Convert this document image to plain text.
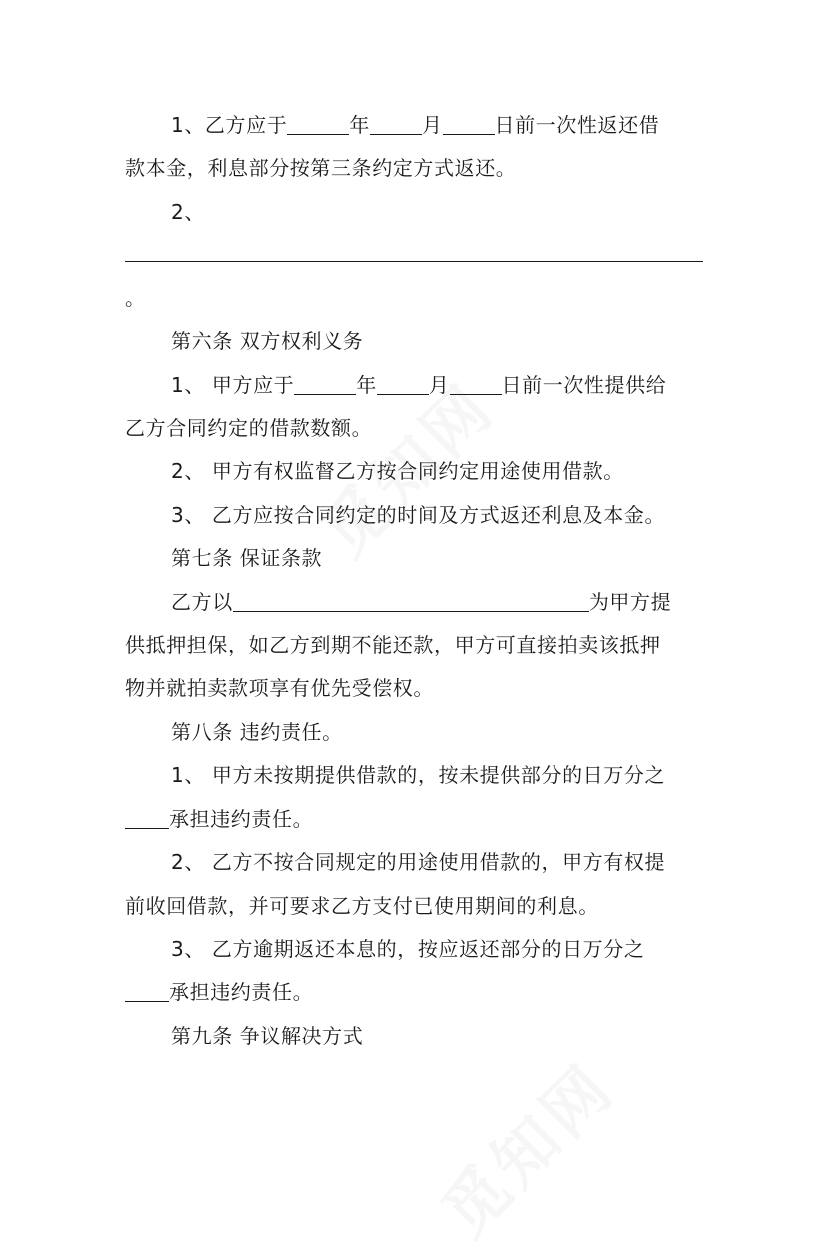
1、乙方应于	年	月	日前一次性返还借
款本金，利息部分按第三条约定方式返还。
2、
。
第六条 双方权利义务
1、 甲方应于	年	月	日前一次性提供给
乙方合同约定的借款数额。
2、 甲方有权监督乙方按合同约定用途使用借款。
3、 乙方应按合同约定的时间及方式返还利息及本金。
第七条 保证条款
乙方以	为甲方提
供抵押担保，如乙方到期不能还款，甲方可直接拍卖该抵押
物并就拍卖款项享有优先受偿权。
第八条 违约责任。
1、 甲方未按期提供借款的，按未提供部分的日万分之
承担违约责任。
2、 乙方不按合同规定的用途使用借款的，甲方有权提
前收回借款，并可要求乙方支付已使用期间的利息。
3、 乙方逾期返还本息的，按应返还部分的日万分之
承担违约责任。
第九条 争议解决方式
